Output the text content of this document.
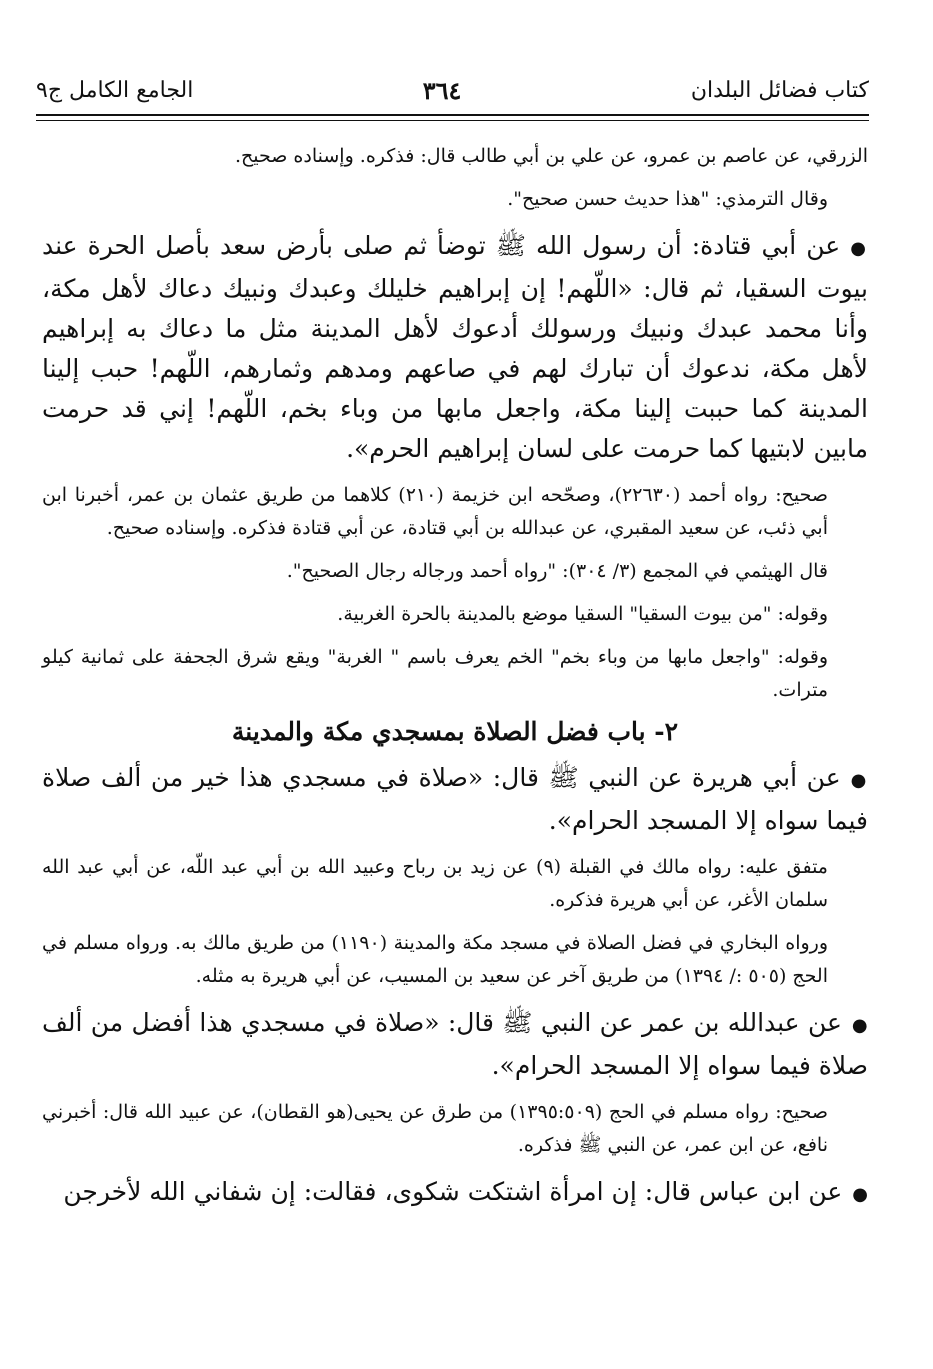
كتاب فضائل البلدان
٣٦٤
الجامع الكامل ج٩

الزرقي، عن عاصم بن عمرو، عن علي بن أبي طالب قال: فذكره. وإسناده صحيح.

وقال الترمذي: "هذا حديث حسن صحيح".

●عن أبي قتادة: أن رسول الله ﷺ توضأ ثم صلى بأرض سعد بأصل الحرة عند بيوت السقيا، ثم قال: «اللّهم! إن إبراهيم خليلك وعبدك ونبيك دعاك لأهل مكة، وأنا محمد عبدك ونبيك ورسولك أدعوك لأهل المدينة مثل ما دعاك به إبراهيم لأهل مكة، ندعوك أن تبارك لهم في صاعهم ومدهم وثمارهم، اللّهم! حبب إلينا المدينة كما حببت إلينا مكة، واجعل مابها من وباء بخم، اللّهم! إني قد حرمت مابين لابتيها كما حرمت على لسان إبراهيم الحرم».

صحيح: رواه أحمد (٢٢٦٣٠)، وصحّحه ابن خزيمة (٢١٠) كلاهما من طريق عثمان بن عمر، أخبرنا ابن أبي ذئب، عن سعيد المقبري، عن عبدالله بن أبي قتادة، عن أبي قتادة فذكره. وإسناده صحيح.

قال الهيثمي في المجمع (٣/ ٣٠٤): "رواه أحمد ورجاله رجال الصحيح".

وقوله: "من بيوت السقيا" السقيا موضع بالمدينة بالحرة الغربية.

وقوله: "واجعل مابها من وباء بخم" الخم يعرف باسم " الغربة" ويقع شرق الجحفة على ثمانية كيلو مترات.

٢- باب فضل الصلاة بمسجدي مكة والمدينة

●عن أبي هريرة عن النبي ﷺ قال: «صلاة في مسجدي هذا خير من ألف صلاة فيما سواه إلا المسجد الحرام».

متفق عليه: رواه مالك في القبلة (٩) عن زيد بن رباح وعبيد الله بن أبي عبد اللّه، عن أبي عبد الله سلمان الأغر، عن أبي هريرة فذكره.

ورواه البخاري في فضل الصلاة في مسجد مكة والمدينة (١١٩٠) من طريق مالك به. ورواه مسلم في الحج (٥٠٥ :/ ١٣٩٤) من طريق آخر عن سعيد بن المسيب، عن أبي هريرة به مثله.

●عن عبدالله بن عمر عن النبي ﷺ قال: «صلاة في مسجدي هذا أفضل من ألف صلاة فيما سواه إلا المسجد الحرام».

صحيح: رواه مسلم في الحج (١٣٩٥:٥٠٩) من طرق عن يحيى(هو القطان)، عن عبيد الله قال: أخبرني نافع، عن ابن عمر، عن النبي ﷺ فذكره.

●عن ابن عباس قال: إن امرأة اشتكت شكوى، فقالت: إن شفاني الله لأخرجن
